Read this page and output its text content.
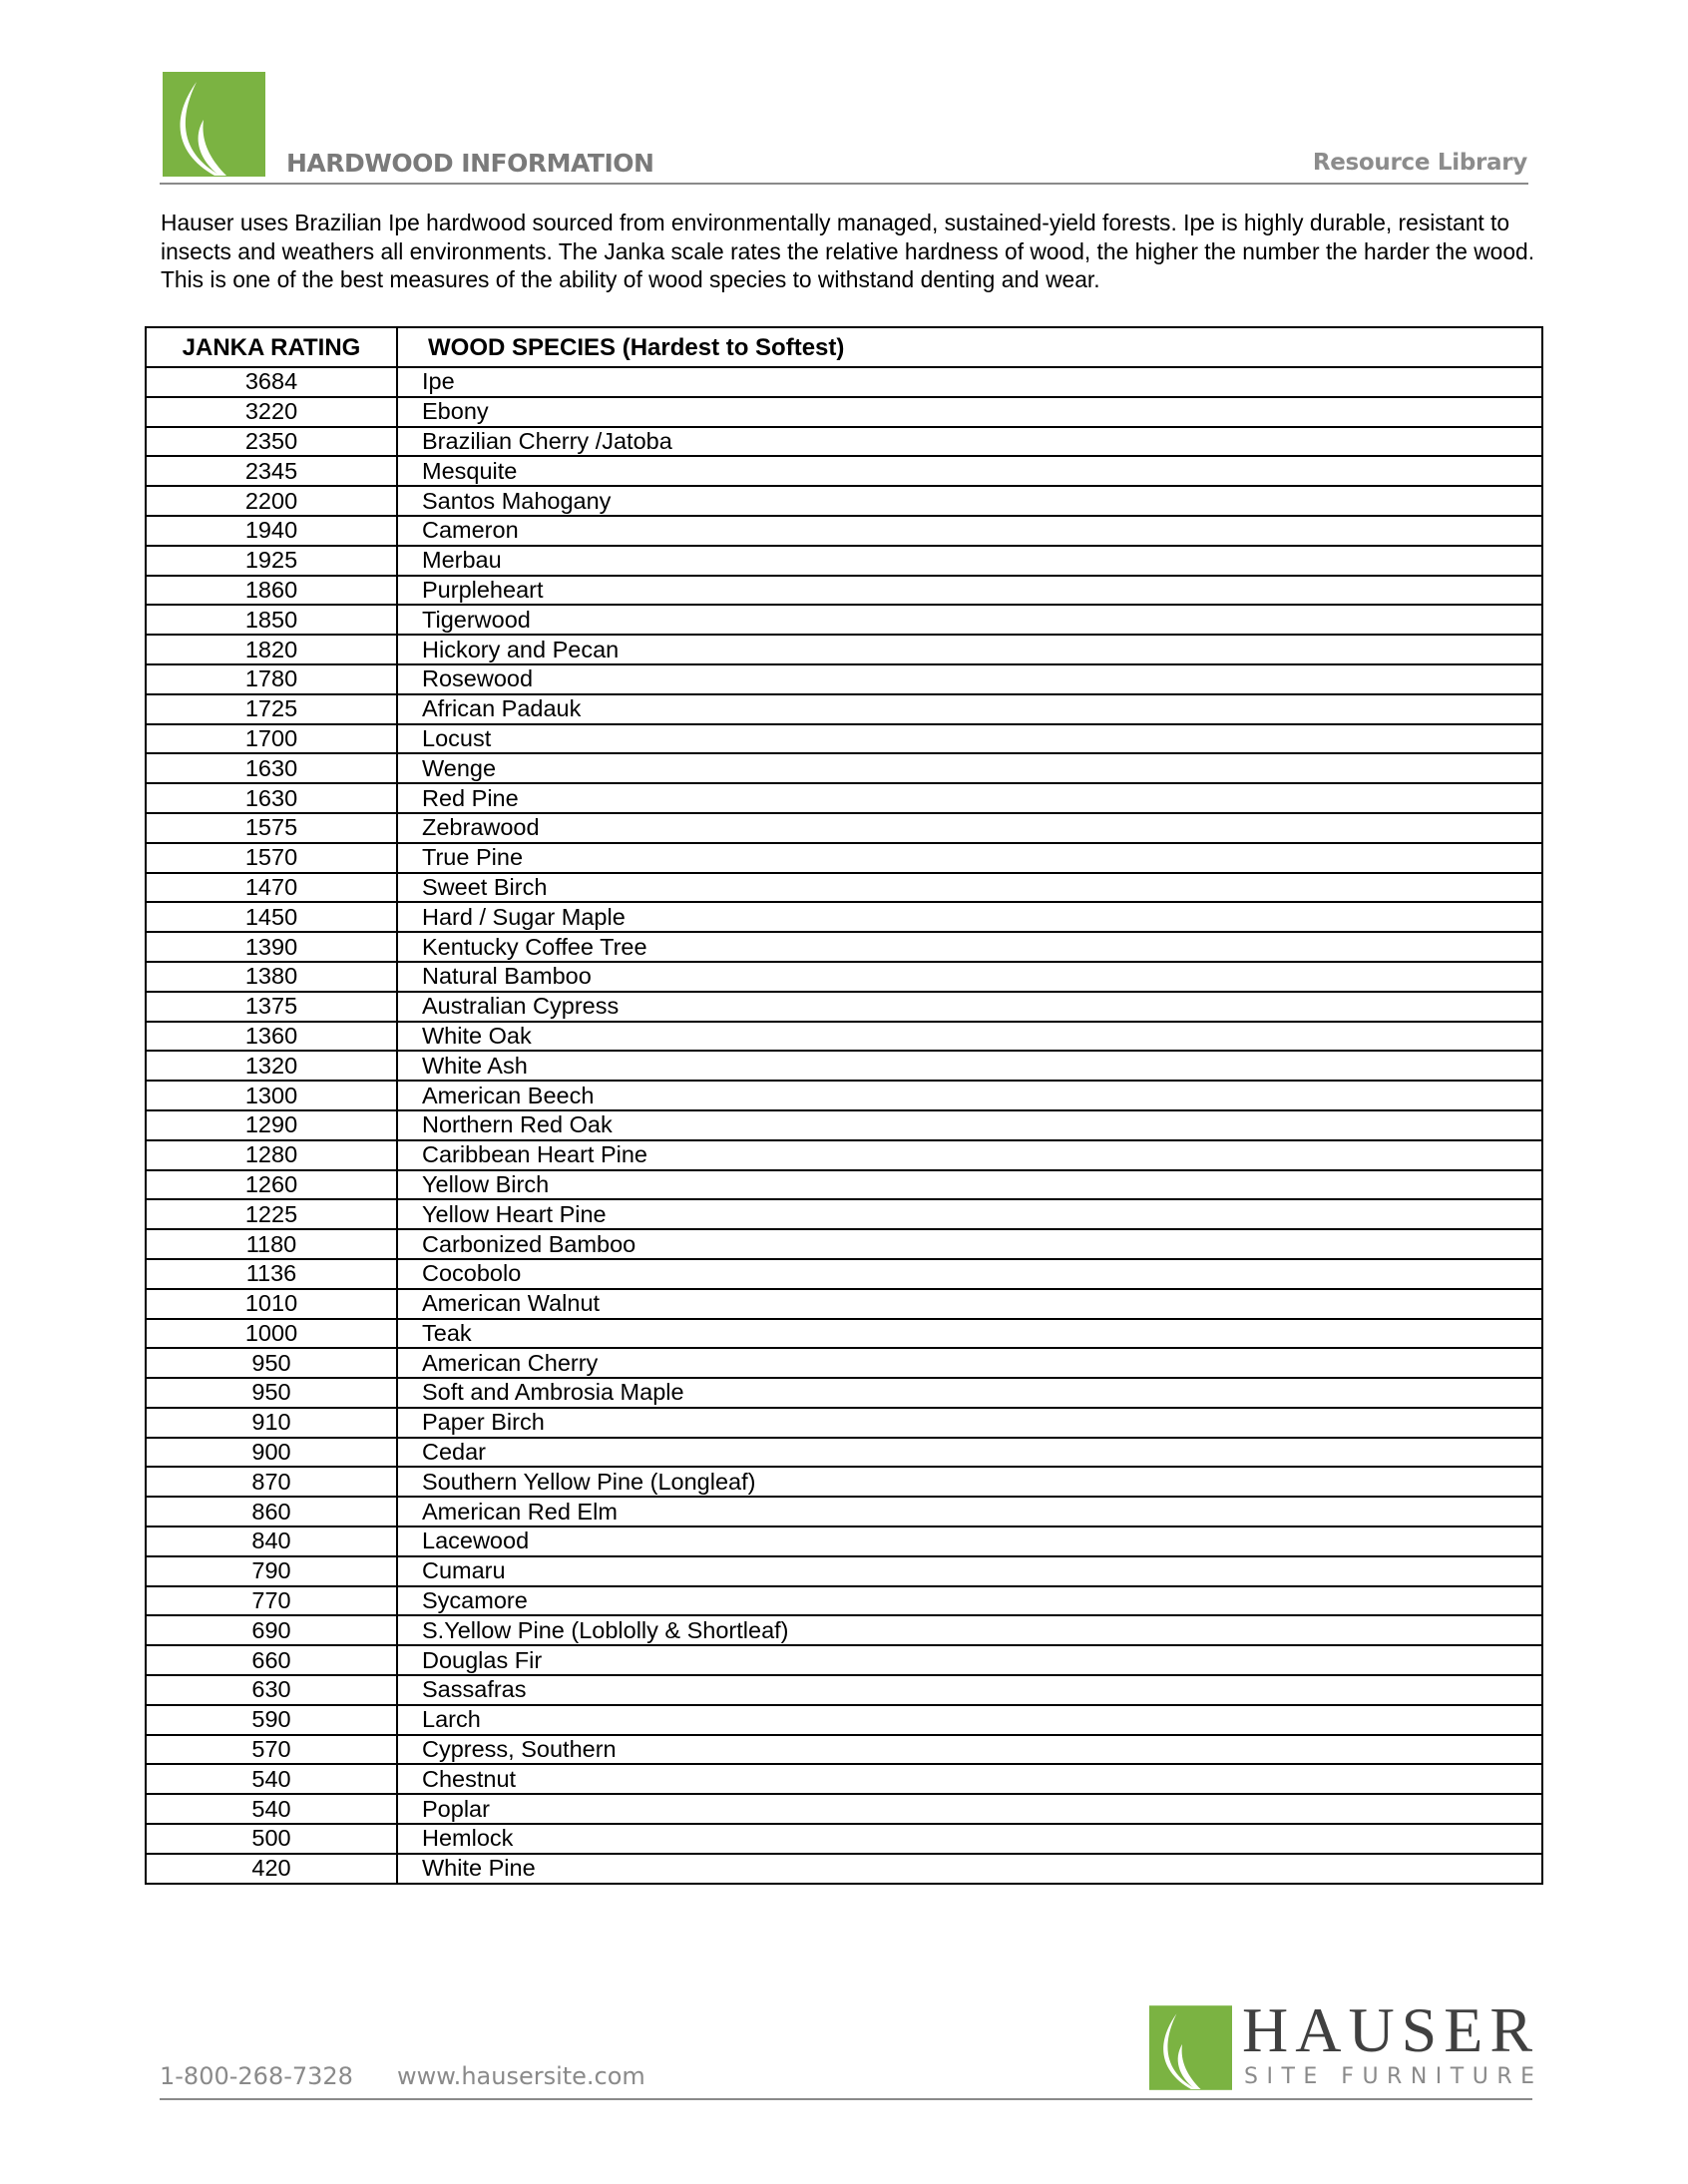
HARDWOOD INFORMATION	Resource Library

Hauser uses Brazilian Ipe hardwood sourced from environmentally managed, sustained-yield forests. Ipe is highly durable, resistant to insects and weathers all environments. The Janka scale rates the relative hardness of wood, the higher the number the harder the wood. This is one of the best measures of the ability of wood species to withstand denting and wear.

JANKA RATING	WOOD SPECIES (Hardest to Softest)
3684	Ipe
3220	Ebony
2350	Brazilian Cherry /Jatoba
2345	Mesquite
2200	Santos Mahogany
1940	Cameron
1925	Merbau
1860	Purpleheart
1850	Tigerwood
1820	Hickory and Pecan
1780	Rosewood
1725	African Padauk
1700	Locust
1630	Wenge
1630	Red Pine
1575	Zebrawood
1570	True Pine
1470	Sweet Birch
1450	Hard / Sugar Maple
1390	Kentucky Coffee Tree
1380	Natural Bamboo
1375	Australian Cypress
1360	White Oak
1320	White Ash
1300	American Beech
1290	Northern Red Oak
1280	Caribbean Heart Pine
1260	Yellow Birch
1225	Yellow Heart Pine
1180	Carbonized Bamboo
1136	Cocobolo
1010	American Walnut
1000	Teak
950	American Cherry
950	Soft and Ambrosia Maple
910	Paper Birch
900	Cedar
870	Southern Yellow Pine (Longleaf)
860	American Red Elm
840	Lacewood
790	Cumaru
770	Sycamore
690	S.Yellow Pine (Loblolly & Shortleaf)
660	Douglas Fir
630	Sassafras
590	Larch
570	Cypress, Southern
540	Chestnut
540	Poplar
500	Hemlock
420	White Pine
1-800-268-7328 www.hausersite.com
HAUSER
SITE FURNITURE
